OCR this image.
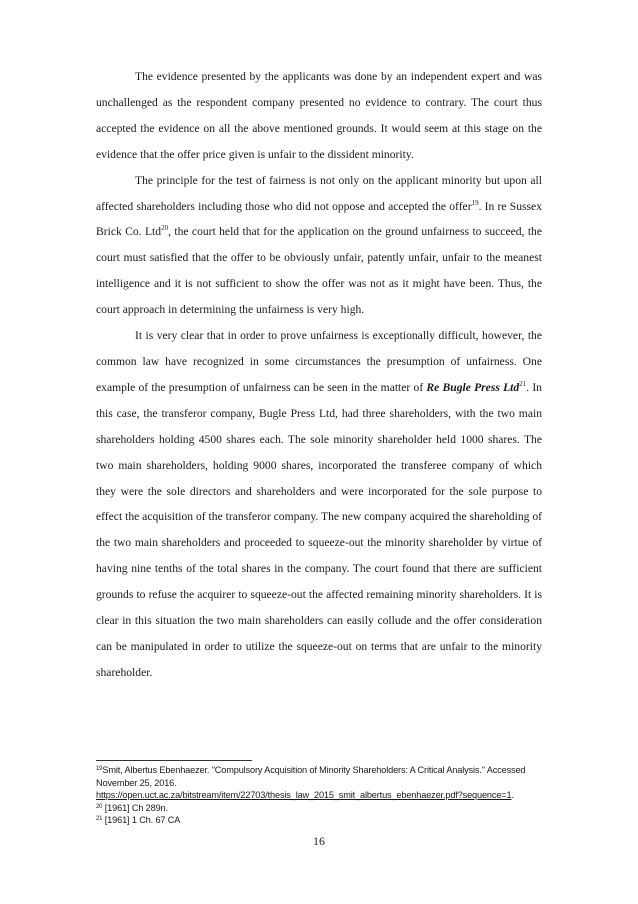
The evidence presented by the applicants was done by an independent expert and was unchallenged as the respondent company presented no evidence to contrary. The court thus accepted the evidence on all the above mentioned grounds. It would seem at this stage on the evidence that the offer price given is unfair to the dissident minority.

The principle for the test of fairness is not only on the applicant minority but upon all affected shareholders including those who did not oppose and accepted the offer$^{19}$. In re Sussex Brick Co. Ltd$^{20}$, the court held that for the application on the ground unfairness to succeed, the court must satisfied that the offer to be obviously unfair, patently unfair, unfair to the meanest intelligence and it is not sufficient to show the offer was not as it might have been. Thus, the court approach in determining the unfairness is very high.

It is very clear that in order to prove unfairness is exceptionally difficult, however, the common law have recognized in some circumstances the presumption of unfairness. One example of the presumption of unfairness can be seen in the matter of Re Bugle Press Ltd$^{21}$. In this case, the transferor company, Bugle Press Ltd, had three shareholders, with the two main shareholders holding 4500 shares each. The sole minority shareholder held 1000 shares. The two main shareholders, holding 9000 shares, incorporated the transferee company of which they were the sole directors and shareholders and were incorporated for the sole purpose to effect the acquisition of the transferor company. The new company acquired the shareholding of the two main shareholders and proceeded to squeeze-out the minority shareholder by virtue of having nine tenths of the total shares in the company. The court found that there are sufficient grounds to refuse the acquirer to squeeze-out the affected remaining minority shareholders. It is clear in this situation the two main shareholders can easily collude and the offer consideration can be manipulated in order to utilize the squeeze-out on terms that are unfair to the minority shareholder.

$^{19}$Smit, Albertus Ebenhaezer. "Compulsory Acquisition of Minority Shareholders: A Critical Analysis." Accessed November 25, 2016.
https://open.uct.ac.za/bitstream/item/22703/thesis_law_2015_smit_albertus_ebenhaezer.pdf?sequence=1.
$^{20}$ [1961] Ch 289n.
$^{21}$ [1961] 1 Ch. 67 CA
16
